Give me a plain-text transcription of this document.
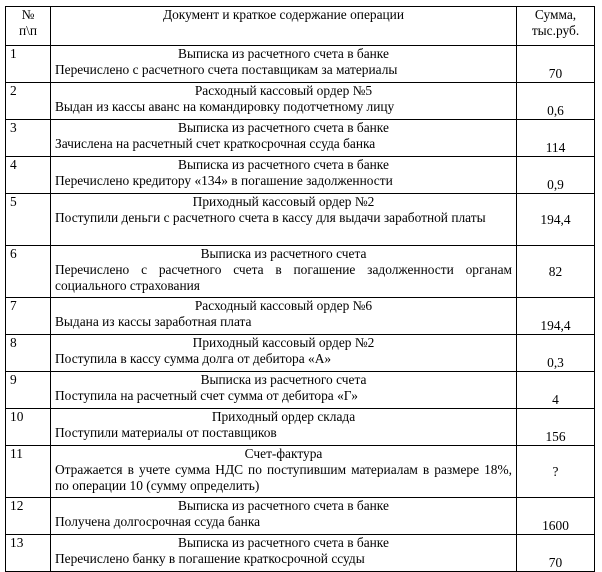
№
п\п	Документ и краткое содержание операции	Сумма,
тыс.руб.

1	Выписка из расчетного счета в банке
Перечислено с расчетного счета поставщикам за материалы	70
2	Расходный кассовый ордер №5
Выдан из кассы аванс на командировку подотчетному лицу	0,6
3	Выписка из расчетного счета в банке
Зачислена на расчетный счет краткосрочная ссуда банка	114
4	Выписка из расчетного счета в банке
Перечислено кредитору «134» в погашение задолженности	0,9
5	Приходный кассовый ордер №2
Поступили деньги с расчетного счета в кассу для выдачи заработной платы	194,4
6	Выписка из расчетного счета
Перечислено с расчетного счета в погашение задолженности органам социального страхования	82
7	Расходный кассовый ордер №6
Выдана из кассы заработная плата	194,4
8	Приходный кассовый ордер №2
Поступила в кассу сумма долга от дебитора «А»	0,3
9	Выписка из расчетного счета
Поступила на расчетный счет сумма от дебитора «Г»	4
10	Приходный ордер склада
Поступили материалы от поставщиков	156
11	Счет-фактура
Отражается в учете сумма НДС по поступившим материалам в размере 18%, по операции 10 (сумму определить)	?
12	Выписка из расчетного счета в банке
Получена долгосрочная ссуда банка	1600
13	Выписка из расчетного счета в банке
Перечислено банку в погашение краткосрочной ссуды	70
